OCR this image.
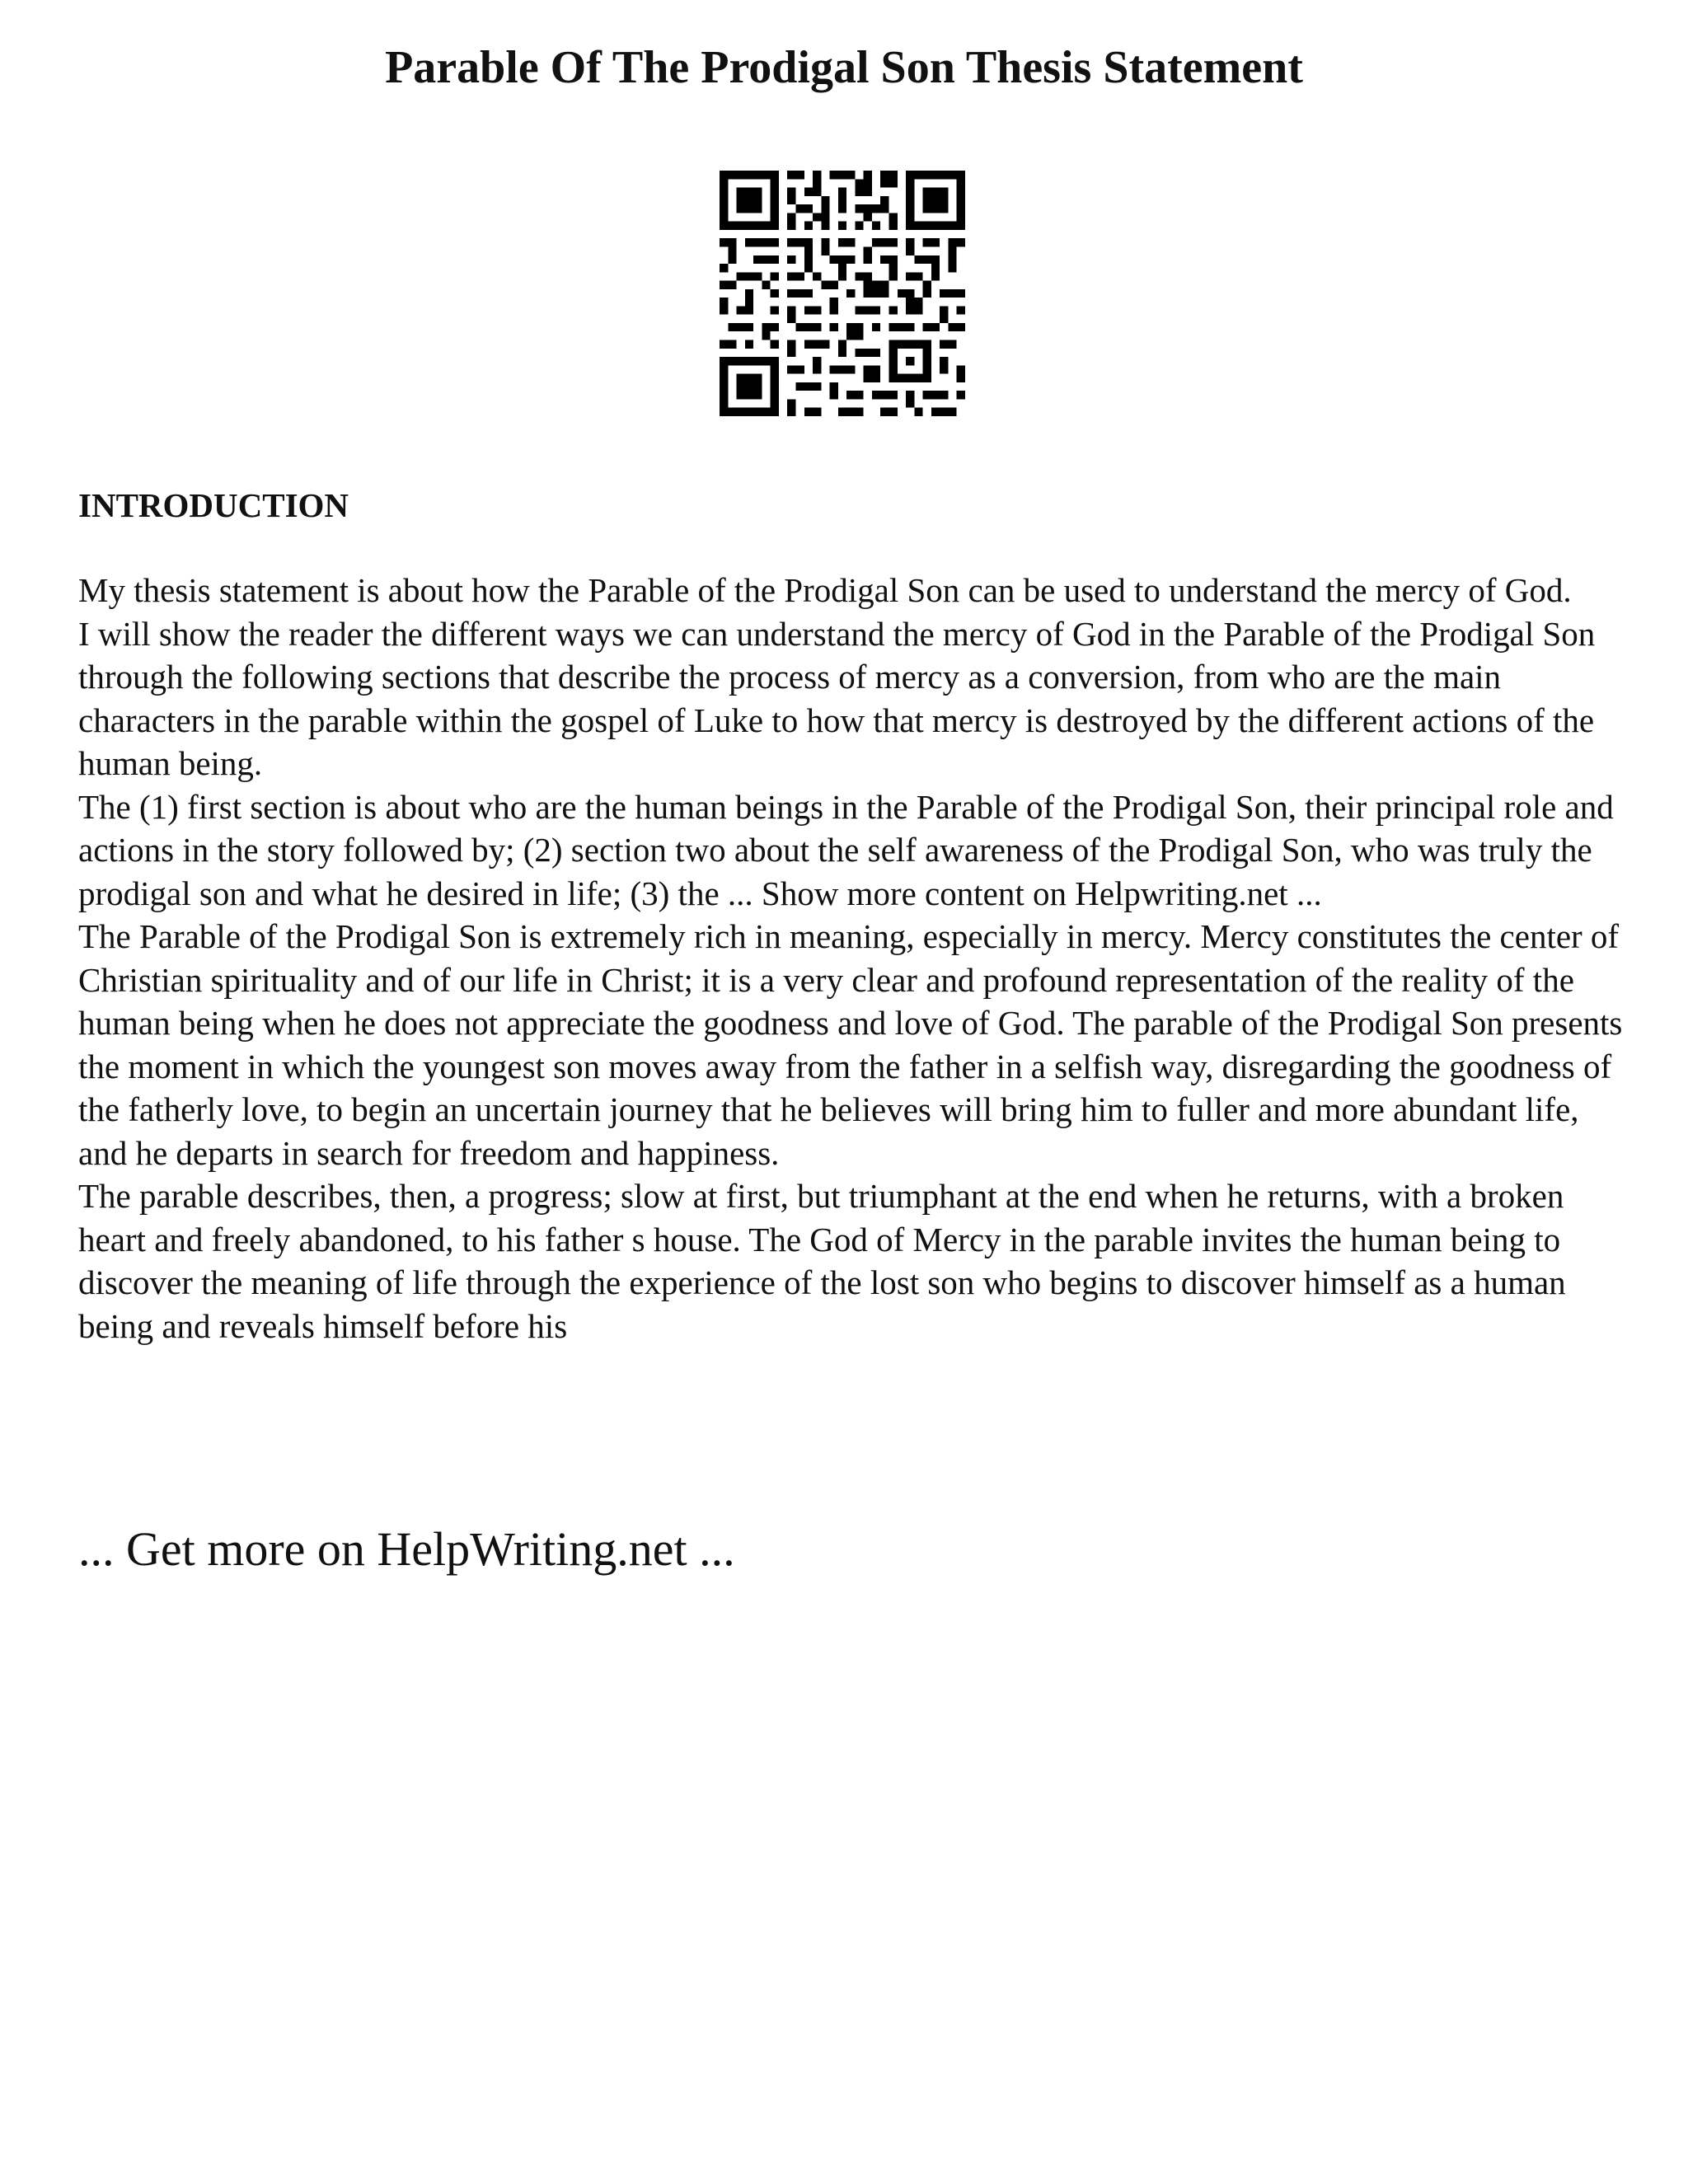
Parable Of The Prodigal Son Thesis Statement
INTRODUCTION

My thesis statement is about how the Parable of the Prodigal Son can be used to understand the mercy of God.

I will show the reader the different ways we can understand the mercy of God in the Parable of the Prodigal Son through the following sections that describe the process of mercy as a conversion, from who are the main characters in the parable within the gospel of Luke to how that mercy is destroyed by the different actions of the human being.

The (1) first section is about who are the human beings in the Parable of the Prodigal Son, their principal role and actions in the story followed by; (2) section two about the self awareness of the Prodigal Son, who was truly the prodigal son and what he desired in life; (3) the ... Show more content on Helpwriting.net ...

The Parable of the Prodigal Son is extremely rich in meaning, especially in mercy. Mercy constitutes the center of Christian spirituality and of our life in Christ; it is a very clear and profound representation of the reality of the human being when he does not appreciate the goodness and love of God. The parable of the Prodigal Son presents the moment in which the youngest son moves away from the father in a selfish way, disregarding the goodness of the fatherly love, to begin an uncertain journey that he believes will bring him to fuller and more abundant life, and he departs in search for freedom and happiness.

The parable describes, then, a progress; slow at first, but triumphant at the end when he returns, with a broken heart and freely abandoned, to his father s house. The God of Mercy in the parable invites the human being to discover the meaning of life through the experience of the lost son who begins to discover himself as a human being and reveals himself before his

... Get more on HelpWriting.net ...
